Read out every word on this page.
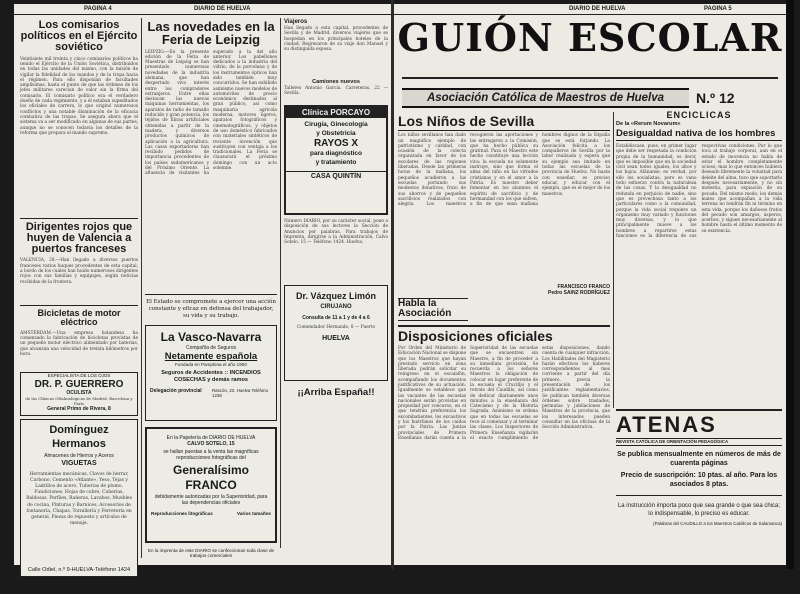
PAGINA 4	DIARIO DE HUELVA
Los comisarios políticos en el Ejército soviético
Veintisiete mil treinta y cinco comisarios políticos ha tenido el Ejército de la Unión Soviética, distribuidos en todas las unidades del mismo, con la misión de vigilar la fidelidad de los mandos y de la tropa hacia el régimen. Para ello disponían de facultades amplísimas, hasta el punto de que las órdenes de los jefes militares carecían de valor sin la firma del comisario. El comisario político era el verdadero dueño de cada regimiento, y a él estaban supeditados los oficiales de carrera, lo que originó numerosos conflictos y una notable disminución de la eficacia combativa de las tropas. Se asegura ahora que el sistema va a ser modificado en algunas de sus partes, aunque no se conocen todavía los detalles de la reforma que prepara el mando supremo.
Dirigentes rojos que huyen de Valencia a puertos franceses
VALENCIA, 28.—Han llegado a diversos puertos franceses varios buques procedentes de esta capital, a bordo de los cuales han huido numerosos dirigentes rojos con sus familias y equipajes, según noticias recibidas de la frontera.
Bicicletas de motor eléctrico
AMSTERDAM.—Una empresa holandesa ha comenzado la fabricación de bicicletas provistas de un pequeño motor eléctrico alimentado por baterías, que alcanzan una velocidad de treinta kilómetros por hora.
ESPECIALISTA DE LOS OJOS
DR. P. GUERRERO
OCULISTA
de las Clínicas Oftalmológicas de Madrid, Barcelona y París
General Primo de Rivera, 8
Domínguez Hermanos
Almacenes de Hierros y Aceros
VIGUETAS
Herramientas mecánicas, Clavos de herrar, Carbono, Cemento «Atlante», Yeso, Tejas y Ladrillos de acero, Tuberías de plomo, Fundiciones, Hojas de cobre, Cañerías, Baldosas, Perfiles, Bañeras, Lavabos, Muebles de cocina, Pinturas y Barnices, Accesorios de fontanería, Chapas, Tornillería y Ferretería en general, Piezas de repuesto y artículos de menaje.
Calle Odiel, n.º 9-HUELVA-Teléfono 1424
Lea usted el DIARIO
Las novedades en la Feria de Leipzig
LEIPZIG.—En la presente edición de la Feria de Muestras de Leipzig se han presentado numerosas novedades de la industria alemana, que han despertado vivo interés entre los compradores extranjeros. Entre ellas destacan las nuevas máquinas herramientas, los aparatos de radio de tamaño reducido y gran potencia, los tejidos de fibras artificiales obtenidas a partir de la madera, y diversos productos químicos de aplicación a la agricultura. Las casas exportadoras han recibido pedidos de importancia procedentes de los países sudamericanos y del Próximo Oriente. La afluencia de visitantes ha superado a la del año anterior. Los pabellones dedicados a la industria del vidrio, de la porcelana y de los instrumentos ópticos han sido también muy concurridos. Se han exhibido asimismo nuevos modelos de automóviles de precio económico destinados al gran público, así como maquinaria agrícola moderna, motores ligeros, aparatos fotográficos y cinematográficos, y objetos de uso doméstico fabricados con materiales sintéticos de reciente invención que sustituyen con ventaja a los tradicionales. La Feria se clausurará el próximo domingo con un acto solemne.
El Estado se compromete a ejercer una acción constante y eficaz en defensa del trabajador, su vida y su trabajo.
La Vasco-Navarra
Compañía de Seguros
Netamente española
Fundada en Pamplona el año 1900
Seguros de Accidentes :: INCENDIOS COSECHAS y demás ramos
Delegación provincial Rascón, 23. Huelva Teléfono 1238
En la Papelería de DIARIO DE HUELVA
CALVO SOTELO, 15
se hallan puestas a la venta las magníficas reproducciones fotográficas del
Generalísimo FRANCO
debidamente autorizadas por la Superioridad, para las dependencias oficiales
Reproducciones litográficas	Varios tamaños
En la imprenta de este DIARIO se confeccionan toda clase de trabajos comerciales
Viajeros
Han llegado a esta capital, procedentes de Sevilla y de Madrid, diversos viajeros que se hospedan en los principales hoteles de la ciudad. Regresaron de su viaje don Manuel y su distinguida esposa.
Camiones nuevos
Talleres Antonio García. Carreteras, 22 — Sevilla.
Clínica PORCAYO
Cirugía, Ginecología
y Obstetricia
RAYOS X
para diagnóstico
y tratamiento
CASA QUINTÍN
Número DIARIO, por su carácter social, pone a disposición de sus lectores la Sección de Anuncios por palabras. Para trabajos de Imprenta, dirigirse a la Administración, Calvo Sotelo, 15 — Teléfono 1424. Huelva.
Dr. Vázquez Limón
CIRUJANO
Consulta de 11 a 1 y de 4 a 6
Comendador Hernando, 8 — Puerto
HUELVA
¡¡Arriba España!!
DIARIO DE HUELVA	PAGINA 5
GUIÓN ESCOLAR
Asociación Católica de Maestros de Huelva	N.º 12
Los Niños de Sevilla
Los niños sevillanos han dado un magnífico ejemplo de patriotismo y caridad, con ocasión de la colecta organizada en favor de los escolares de las regiones liberadas. Desde las primeras horas de la mañana, los pequeños acudieron a las escuelas portando sus modestos donativos, fruto de sus ahorros y de pequeños sacrificios realizados con alegría. Los maestros recogieron las aportaciones y las entregaron a la Comisión, que ha hecho pública su gratitud. Para el Maestro este hecho constituye una lección viva: la escuela no solamente instruye, sino que forma el alma del niño en las virtudes cristianas y en el amor a la Patria. Es nuestro deber fomentar en los alumnos el espíritu de sacrificio y de hermandad con los que sufren, a fin de que sean mañana hombres dignos de la España que se está forjando. La Asociación felicita a los compañeros de Sevilla por la labor realizada y espera que su ejemplo sea imitado en todas las escuelas de la provincia de Huelva. No basta con enseñar; es preciso educar, y educar con el ejemplo, que es el mejor de los maestros.
FRANCISCO FRANCO
Pedro SAINZ RODRÍGUEZ
Habla la Asociación
Disposiciones oficiales
Por Orden del Ministerio de Educación Nacional se dispone que los Maestros que hayan prestado servicio en zona liberada podrán solicitar su reingreso en el escalafón, acompañando los documentos justificativos de su actuación. Igualmente se establece que las vacantes de las escuelas nacionales serán provistas en propiedad por concurso, en el que tendrán preferencia los excombatientes, los excautivos y los huérfanos de los caídos por la Patria. Las Juntas provinciales de Primera Enseñanza darán cuenta a la Superioridad de las escuelas que se encuentren sin Maestro, a fin de proceder a su inmediata provisión. Se recuerda a los señores Maestros la obligación de colocar en lugar preferente de la escuela el Crucifijo y el retrato del Caudillo, así como de dedicar diariamente unos minutos a la enseñanza del Catecismo y de la Historia Sagrada. Asimismo se ordena que en todas las escuelas se rece al comenzar y al terminar las clases. Los Inspectores de Primera Enseñanza vigilarán el exacto cumplimiento de estas disposiciones, dando cuenta de cualquier infracción. Los Habilitados del Magisterio harán efectivos los haberes correspondientes al mes corriente a partir del día primero, previa la presentación de los justificantes reglamentarios. Se publican también diversas órdenes sobre traslados, permutas y jubilaciones de Maestros de la provincia, que los interesados pueden consultar en las oficinas de la Sección Administrativa.
ENCICLICAS
De la «Rerum Novarum»
Desigualdad nativa de los hombres
Establézcase, pues, en primer lugar que debe ser respetada la condición propia de la humanidad, es decir, que es imposible que en la sociedad civil sean todos iguales, los altos y los bajos. Afánanse, es verdad, por ello los socialistas; pero es vano todo esfuerzo contra la naturaleza de las cosas. Y la desigualdad no redunda en perjuicio de nadie, sino que es provechosa tanto a los particulares como a la comunidad, porque la vida social requiere un organismo muy variado y funciones muy diversas, y lo que principalmente mueve a los hombres a repartirse estas funciones es la diferencia de sus respectivas condiciones. Por lo que toca al trabajo corporal, aun en el estado de inocencia no había de estar el hombre completamente ocioso; mas lo que entonces hubiera deseado libremente la voluntad para deleite del alma, tuvo que soportarlo después necesariamente, y no sin molestia, para expiación de su pecado. Del mismo modo, los demás males que acompañan a la vida terrena no tendrán fin ni término en esta vida, porque los dañosos frutos del pecado son amargos, ásperos, acerbos, y siguen necesariamente al hombre hasta el último momento de su existencia.
ATENAS
REVISTA CATÓLICA DE ORIENTACIÓN PEDAGÓGICA
Se publica mensualmente en números de más de cuarenta páginas
Precio de suscripción: 10 ptas. al año. Para los asociados 8 ptas.
La instrucción importa poco que sea grande o que sea chica; lo indispensable, lo preciso es educar.
(Palabras del CAUDILLO a los Maestros Católicos de Salamanca)
